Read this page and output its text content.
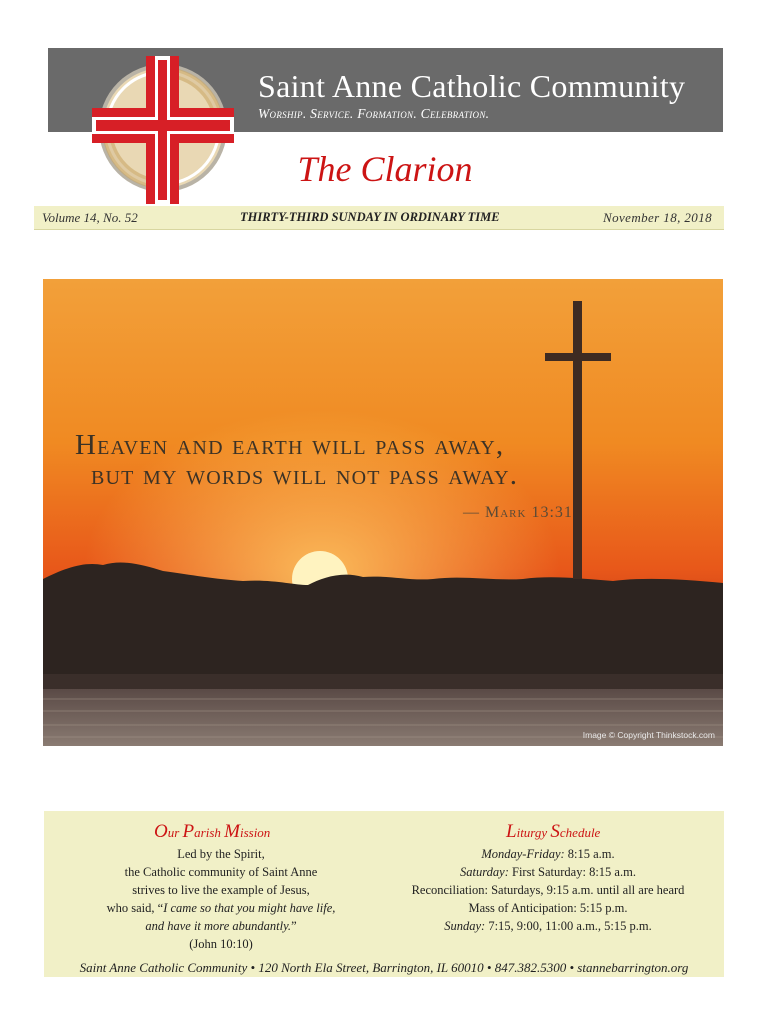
Saint Anne Catholic Community
Worship. Service. Formation. Celebration.
The Clarion
Volume 14, No. 52	THIRTY-THIRD SUNDAY IN ORDINARY TIME	November 18, 2018
Heaven and earth will pass away,
but my words will not pass away.
— Mark 13:31
Image © Copyright Thinkstock.com
Our Parish Mission	Liturgy Schedule
Led by the Spirit,
the Catholic community of Saint Anne
strives to live the example of Jesus,
who said, “I came so that you might have life,
and have it more abundantly.”
(John 10:10)
Monday-Friday: 8:15 a.m.
Saturday: First Saturday: 8:15 a.m.
Reconciliation: Saturdays, 9:15 a.m. until all are heard
Mass of Anticipation: 5:15 p.m.
Sunday: 7:15, 9:00, 11:00 a.m., 5:15 p.m.
Saint Anne Catholic Community • 120 North Ela Street, Barrington, IL 60010 • 847.382.5300 • stannebarrington.org
